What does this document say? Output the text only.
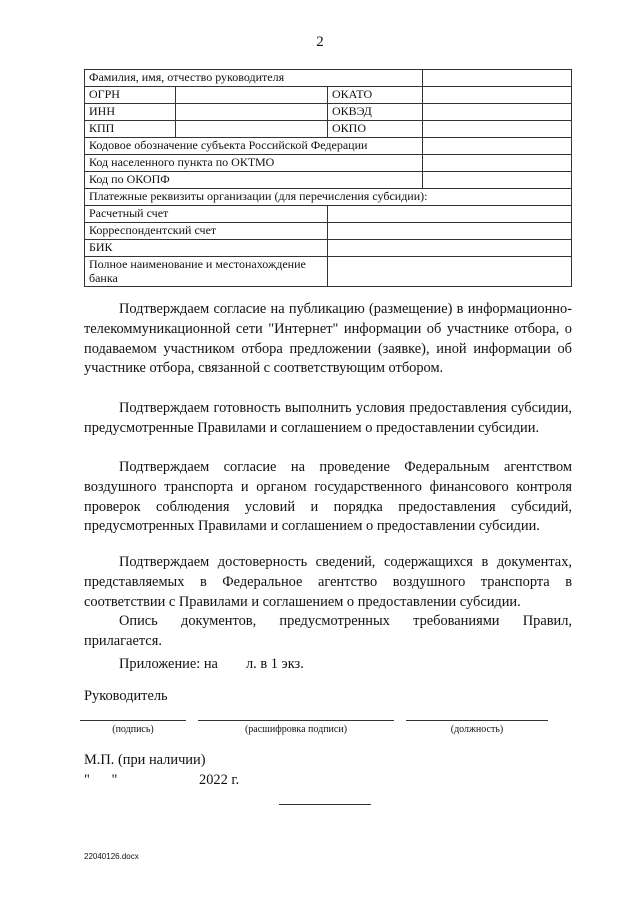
2
Фамилия, имя, отчество руководителя			
ОГРН		ОКАТО	
ИНН		ОКВЭД	
КПП		ОКПО	
Кодовое обозначение субъекта Российской Федерации			
Код населенного пункта по ОКТМО			
Код по ОКОПФ			
Платежные реквизиты организации (для перечисления субсидии):			
Расчетный счет			
Корреспондентский счет			
БИК			
Полное наименование и местонахождение банка			

Подтверждаем согласие на публикацию (размещение) в информационно-телекоммуникационной сети "Интернет" информации об участнике отбора, о подаваемом участником отбора предложении (заявке), иной информации об участнике отбора, связанной с соответствующим отбором.

Подтверждаем готовность выполнить условия предоставления субсидии, предусмотренные Правилами и соглашением о предоставлении субсидии.

Подтверждаем согласие на проведение Федеральным агентством воздушного транспорта и органом государственного финансового контроля проверок соблюдения условий и порядка предоставления субсидий, предусмотренных Правилами и соглашением о предоставлении субсидии.

Подтверждаем достоверность сведений, содержащихся в документах, представляемых в Федеральное агентство воздушного транспорта в соответствии с Правилами и соглашением о предоставлении субсидии.

Опись документов, предусмотренных требованиями Правил, прилагается.

Приложение: на л. в 1 экз.
Руководитель
(подпись)	(расшифровка подписи)	(должность)
М.П. (при наличии)
"      "	2022 г.
22040126.docx
